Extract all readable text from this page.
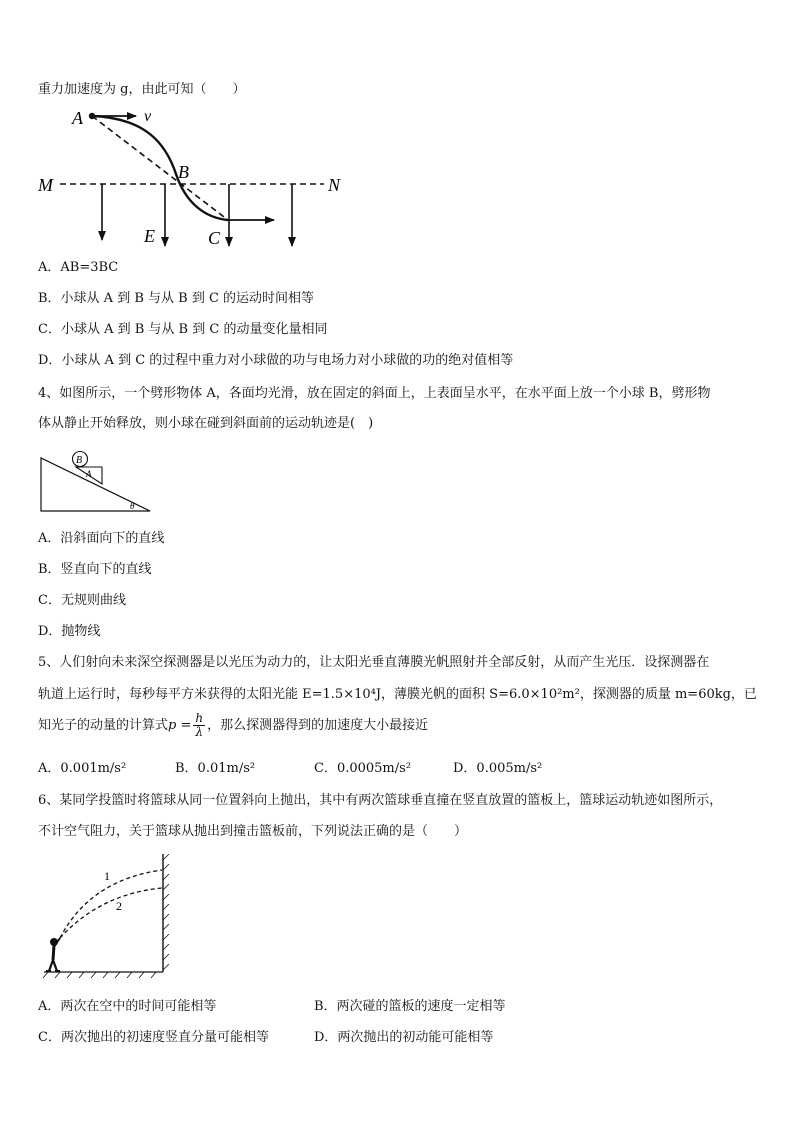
重力加速度为 g，由此可知（　　）
A	v
M	N
B
E	C
A．AB=3BC
B．小球从 A 到 B 与从 B 到 C 的运动时间相等
C．小球从 A 到 B 与从 B 到 C 的动量变化量相同
D．小球从 A 到 C 的过程中重力对小球做的功与电场力对小球做的功的绝对值相等
4、如图所示，一个劈形物体 A，各面均光滑，放在固定的斜面上，上表面呈水平，在水平面上放一个小球 B，劈形物
体从静止开始释放，则小球在碰到斜面前的运动轨迹是(　)
B
A
θ
A．沿斜面向下的直线
B．竖直向下的直线
C．无规则曲线
D．抛物线
5、人们射向未来深空探测器是以光压为动力的，让太阳光垂直薄膜光帆照射并全部反射，从而产生光压．设探测器在
轨道上运行时，每秒每平方米获得的太阳光能 E=1.5×10⁴J，薄膜光帆的面积 S=6.0×10²m²，探测器的质量 m=60kg，已
知光子的动量的计算式$p = \frac{h}{\lambda}$ ，那么探测器得到的加速度大小最接近
A．0.001m/s²	B．0.01m/s²	C．0.0005m/s²	D．0.005m/s²
6、某同学投篮时将篮球从同一位置斜向上抛出，其中有两次篮球垂直撞在竖直放置的篮板上，篮球运动轨迹如图所示，
不计空气阻力，关于篮球从抛出到撞击篮板前，下列说法正确的是（　　）
1
2
A．两次在空中的时间可能相等	B．两次碰的篮板的速度一定相等
C．两次抛出的初速度竖直分量可能相等	D．两次抛出的初动能可能相等
